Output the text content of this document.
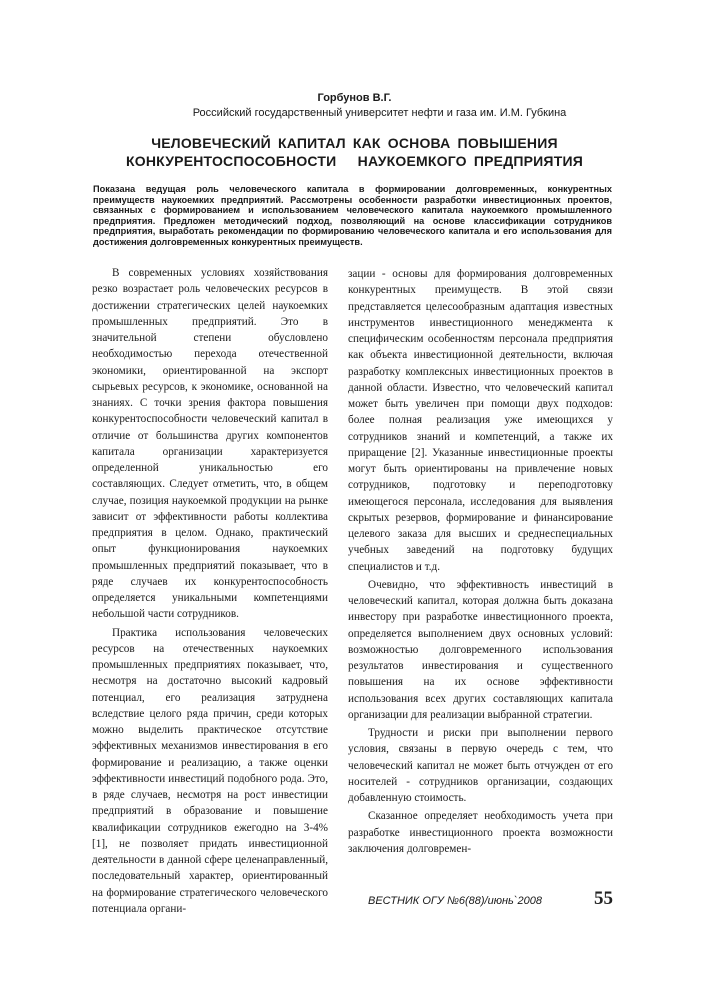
Горбунов В.Г.
Российский государственный университет нефти и газа им. И.М. Губкина
ЧЕЛОВЕЧЕСКИЙ КАПИТАЛ КАК ОСНОВА ПОВЫШЕНИЯ
КОНКУРЕНТОСПОСОБНОСТИ   НАУКОЕМКОГО ПРЕДПРИЯТИЯ
Показана ведущая роль человеческого капитала в формировании долговременных, конкурентных преимуществ наукоемких предприятий. Рассмотрены особенности разработки инвестиционных проектов, связанных с формированием и использованием человеческого капитала наукоемкого промышленного предприятия. Предложен методический подход, позволяющий на основе классификации сотрудников предприятия, выработать рекомендации по формированию человеческого капитала и его использования для достижения долговременных конкурентных преимуществ.

В современных условиях хозяйствования резко возрастает роль человеческих ресурсов в достижении стратегических целей наукоемких промышленных предприятий. Это в значительной степени обусловлено необходимостью перехода отечественной экономики, ориентированной на экспорт сырьевых ресурсов, к экономике, основанной на знаниях. С точки зрения фактора повышения конкурентоспособности человеческий капитал в отличие от большинства других компонентов капитала организации характеризуется определенной уникальностью его составляющих. Следует отметить, что, в общем случае, позиция наукоемкой продукции на рынке зависит от эффективности работы коллектива предприятия в целом. Однако, практический опыт функционирования наукоемких промышленных предприятий показывает, что в ряде случаев их конкурентоспособность определяется уникальными компетенциями небольшой части сотрудников.

Практика использования человеческих ресурсов на отечественных наукоемких промышленных предприятиях показывает, что, несмотря на достаточно высокий кадровый потенциал, его реализация затруднена вследствие целого ряда причин, среди которых можно выделить практическое отсутствие эффективных механизмов инвестирования в его формирование и реализацию, а также оценки эффективности инвестиций подобного рода. Это, в ряде случаев, несмотря на рост инвестиции предприятий в образование и повышение квалификации сотрудников ежегодно на 3-4% [1], не позволяет придать инвестиционной деятельности в данной сфере целенаправленный, последовательный характер, ориентированный на формирование стратегического человеческого потенциала органи-

зации - основы для формирования долговременных конкурентных преимуществ. В этой связи представляется целесообразным адаптация известных инструментов инвестиционного менеджмента к специфическим особенностям персонала предприятия как объекта инвестиционной деятельности, включая разработку комплексных инвестиционных проектов в данной области. Известно, что человеческий капитал может быть увеличен при помощи двух подходов: более полная реализация уже имеющихся у сотрудников знаний и компетенций, а также их приращение [2]. Указанные инвестиционные проекты могут быть ориентированы на привлечение новых сотрудников, подготовку и переподготовку имеющегося персонала, исследования для выявления скрытых резервов, формирование и финансирование целевого заказа для высших и среднеспециальных учебных заведений на подготовку будущих специалистов и т.д.

Очевидно, что эффективность инвестиций в человеческий капитал, которая должна быть доказана инвестору при разработке инвестиционного проекта, определяется выполнением двух основных условий: возможностью долговременного использования результатов инвестирования и существенного повышения на их основе эффективности использования всех других составляющих капитала организации для реализации выбранной стратегии.

Трудности и риски при выполнении первого условия, связаны в первую очередь с тем, что человеческий капитал не может быть отчужден от его носителей - сотрудников организации, создающих добавленную стоимость.

Сказанное определяет необходимость учета при разработке инвестиционного проекта возможности заключения долговремен-

ВЕСТНИК ОГУ №6(88)/июнь`2008	55
